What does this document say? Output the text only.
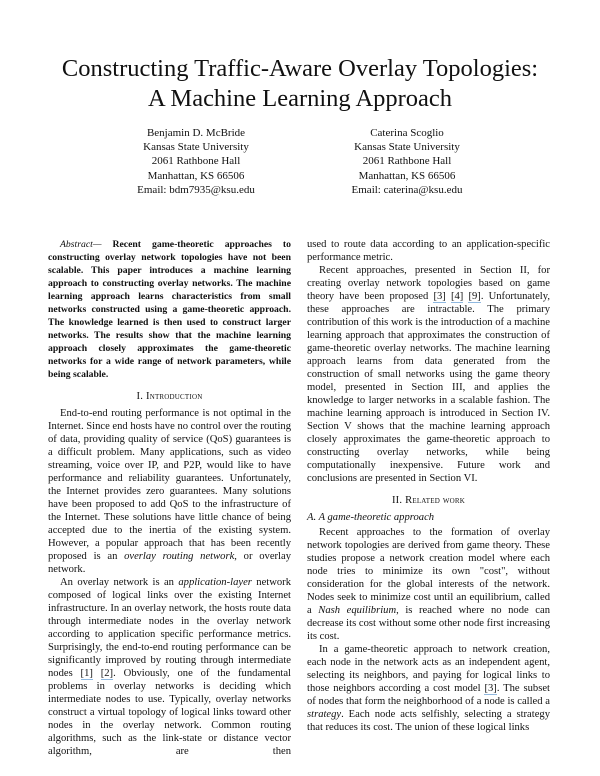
Constructing Traffic-Aware Overlay Topologies:
A Machine Learning Approach
Benjamin D. McBride
Kansas State University
2061 Rathbone Hall
Manhattan, KS 66506
Email: bdm7935@ksu.edu
Caterina Scoglio
Kansas State University
2061 Rathbone Hall
Manhattan, KS 66506
Email: caterina@ksu.edu

Abstract— Recent game-theoretic approaches to constructing overlay network topologies have not been scalable. This paper introduces a machine learning approach to constructing overlay networks. The machine learning approach learns characteristics from small networks constructed using a game-theoretic approach. The knowledge learned is then used to construct larger networks. The results show that the machine learning approach closely approximates the game-theoretic networks for a wide range of network parameters, while being scalable.

I. Introduction

End-to-end routing performance is not optimal in the Internet. Since end hosts have no control over the routing of data, providing quality of service (QoS) guarantees is a difficult problem. Many applications, such as video streaming, voice over IP, and P2P, would like to have performance and reliability guarantees. Unfortunately, the Internet provides zero guarantees. Many solutions have been proposed to add QoS to the infrastructure of the Internet. These solutions have little chance of being accepted due to the inertia of the existing system. However, a popular approach that has been recently proposed is an overlay routing network, or overlay network.

An overlay network is an application-layer network composed of logical links over the existing Internet infrastructure. In an overlay network, the hosts route data through intermediate nodes in the overlay network according to application specific performance metrics. Surprisingly, the end-to-end routing performance can be significantly improved by routing through intermediate nodes [1] [2]. Obviously, one of the fundamental problems in overlay networks is deciding which intermediate nodes to use. Typically, overlay networks construct a virtual topology of logical links toward other nodes in the overlay network. Common routing algorithms, such as the link-state or distance vector algorithm, are then

used to route data according to an application-specific performance metric.

Recent approaches, presented in Section II, for creating overlay network topologies based on game theory have been proposed [3] [4] [9]. Unfortunately, these approaches are intractable. The primary contribution of this work is the introduction of a machine learning approach that approximates the construction of game-theoretic overlay networks. The machine learning approach learns from data generated from the construction of small networks using the game theory model, presented in Section III, and applies the knowledge to larger networks in a scalable fashion. The machine learning approach is introduced in Section IV. Section V shows that the machine learning approach closely approximates the game-theoretic approach to constructing overlay networks, while being computationally inexpensive. Future work and conclusions are presented in Section VI.

II. Related work
A. A game-theoretic approach

Recent approaches to the formation of overlay network topologies are derived from game theory. These studies propose a network creation model where each node tries to minimize its own "cost", without consideration for the global interests of the network. Nodes seek to minimize cost until an equilibrium, called a Nash equilibrium, is reached where no node can decrease its cost without some other node first increasing its cost.

In a game-theoretic approach to network creation, each node in the network acts as an independent agent, selecting its neighbors, and paying for logical links to those neighbors according a cost model [3]. The subset of nodes that form the neighborhood of a node is called a strategy. Each node acts selfishly, selecting a strategy that reduces its cost. The union of these logical links
